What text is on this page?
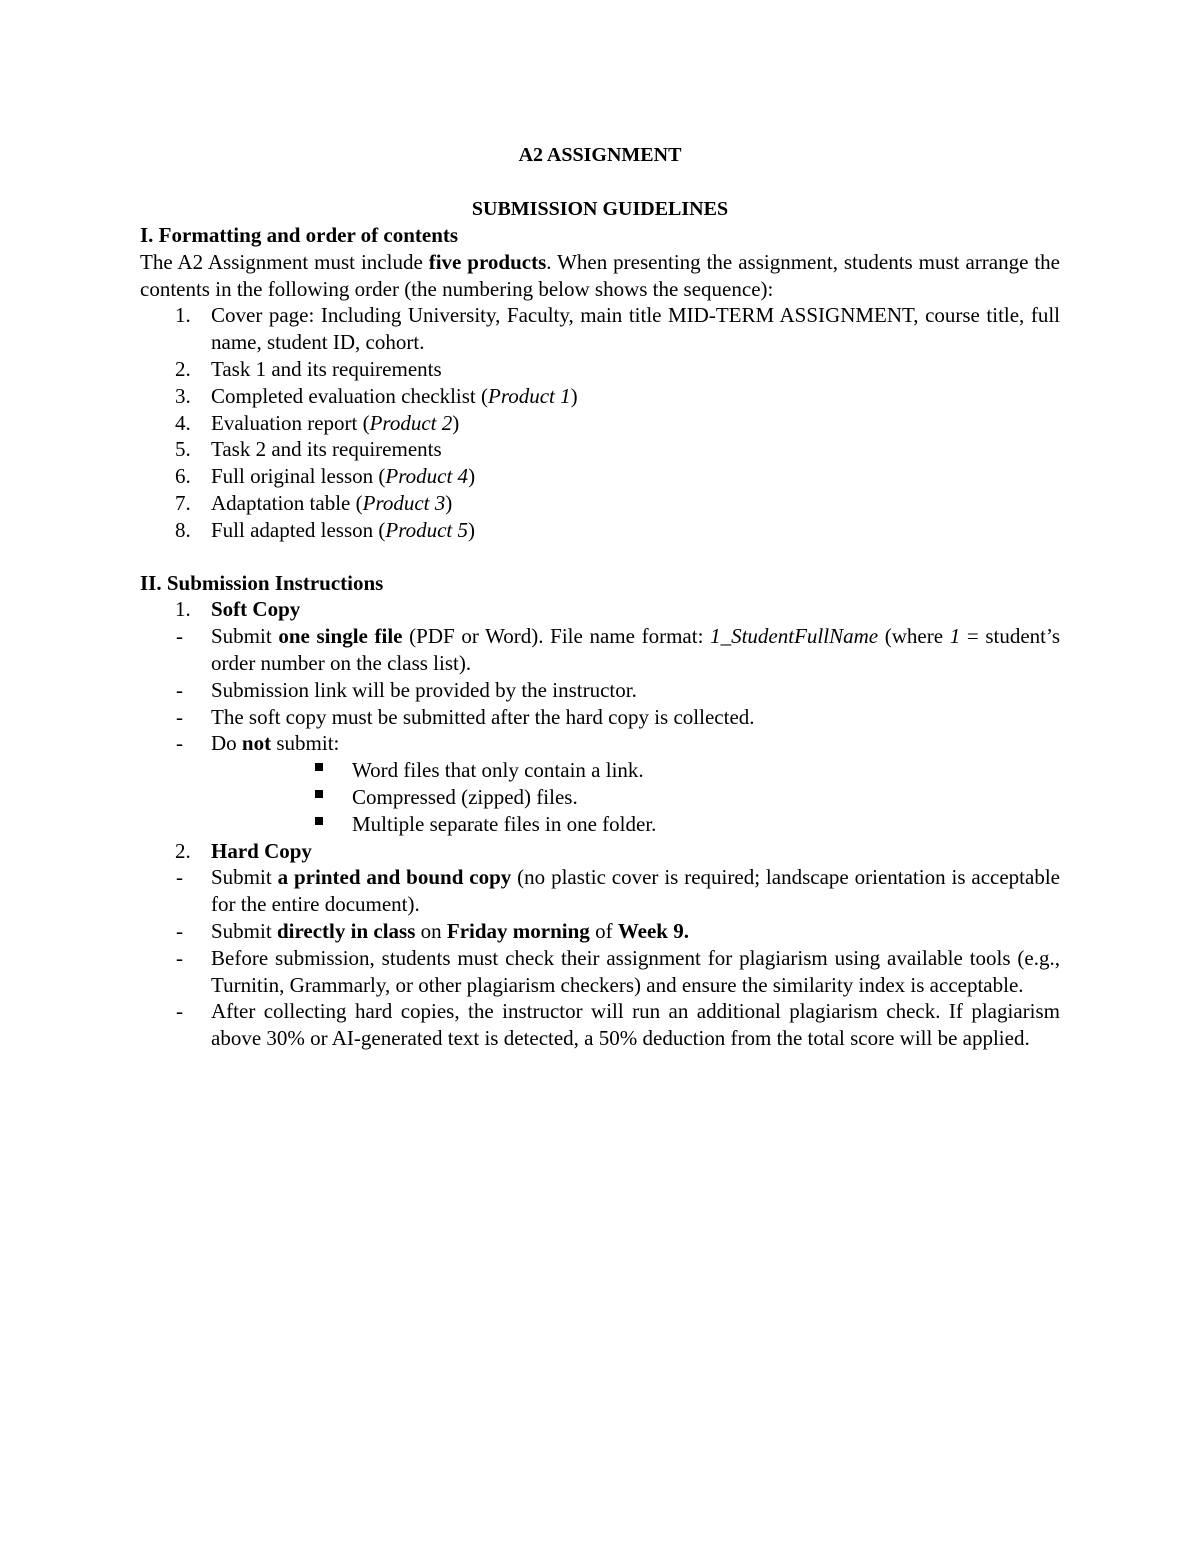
A2 ASSIGNMENT
SUBMISSION GUIDELINES
I. Formatting and order of contents
The A2 Assignment must include five products. When presenting the assignment, students must arrange the contents in the following order (the numbering below shows the sequence):
1. Cover page: Including University, Faculty, main title MID-TERM ASSIGNMENT, course title, full name, student ID, cohort.
2. Task 1 and its requirements
3. Completed evaluation checklist (Product 1)
4. Evaluation report (Product 2)
5. Task 2 and its requirements
6. Full original lesson (Product 4)
7. Adaptation table (Product 3)
8. Full adapted lesson (Product 5)
II. Submission Instructions
1. Soft Copy
-	Submit one single file (PDF or Word). File name format: 1_StudentFullName (where 1 = student’s order number on the class list).
-	Submission link will be provided by the instructor.
-	The soft copy must be submitted after the hard copy is collected.
-	Do not submit:
Word files that only contain a link.
Compressed (zipped) files.
Multiple separate files in one folder.
2. Hard Copy
-	Submit a printed and bound copy (no plastic cover is required; landscape orientation is acceptable for the entire document).
-	Submit directly in class on Friday morning of Week 9.
-	Before submission, students must check their assignment for plagiarism using available tools (e.g., Turnitin, Grammarly, or other plagiarism checkers) and ensure the similarity index is acceptable.
-	After collecting hard copies, the instructor will run an additional plagiarism check. If plagiarism above 30% or AI-generated text is detected, a 50% deduction from the total score will be applied.
